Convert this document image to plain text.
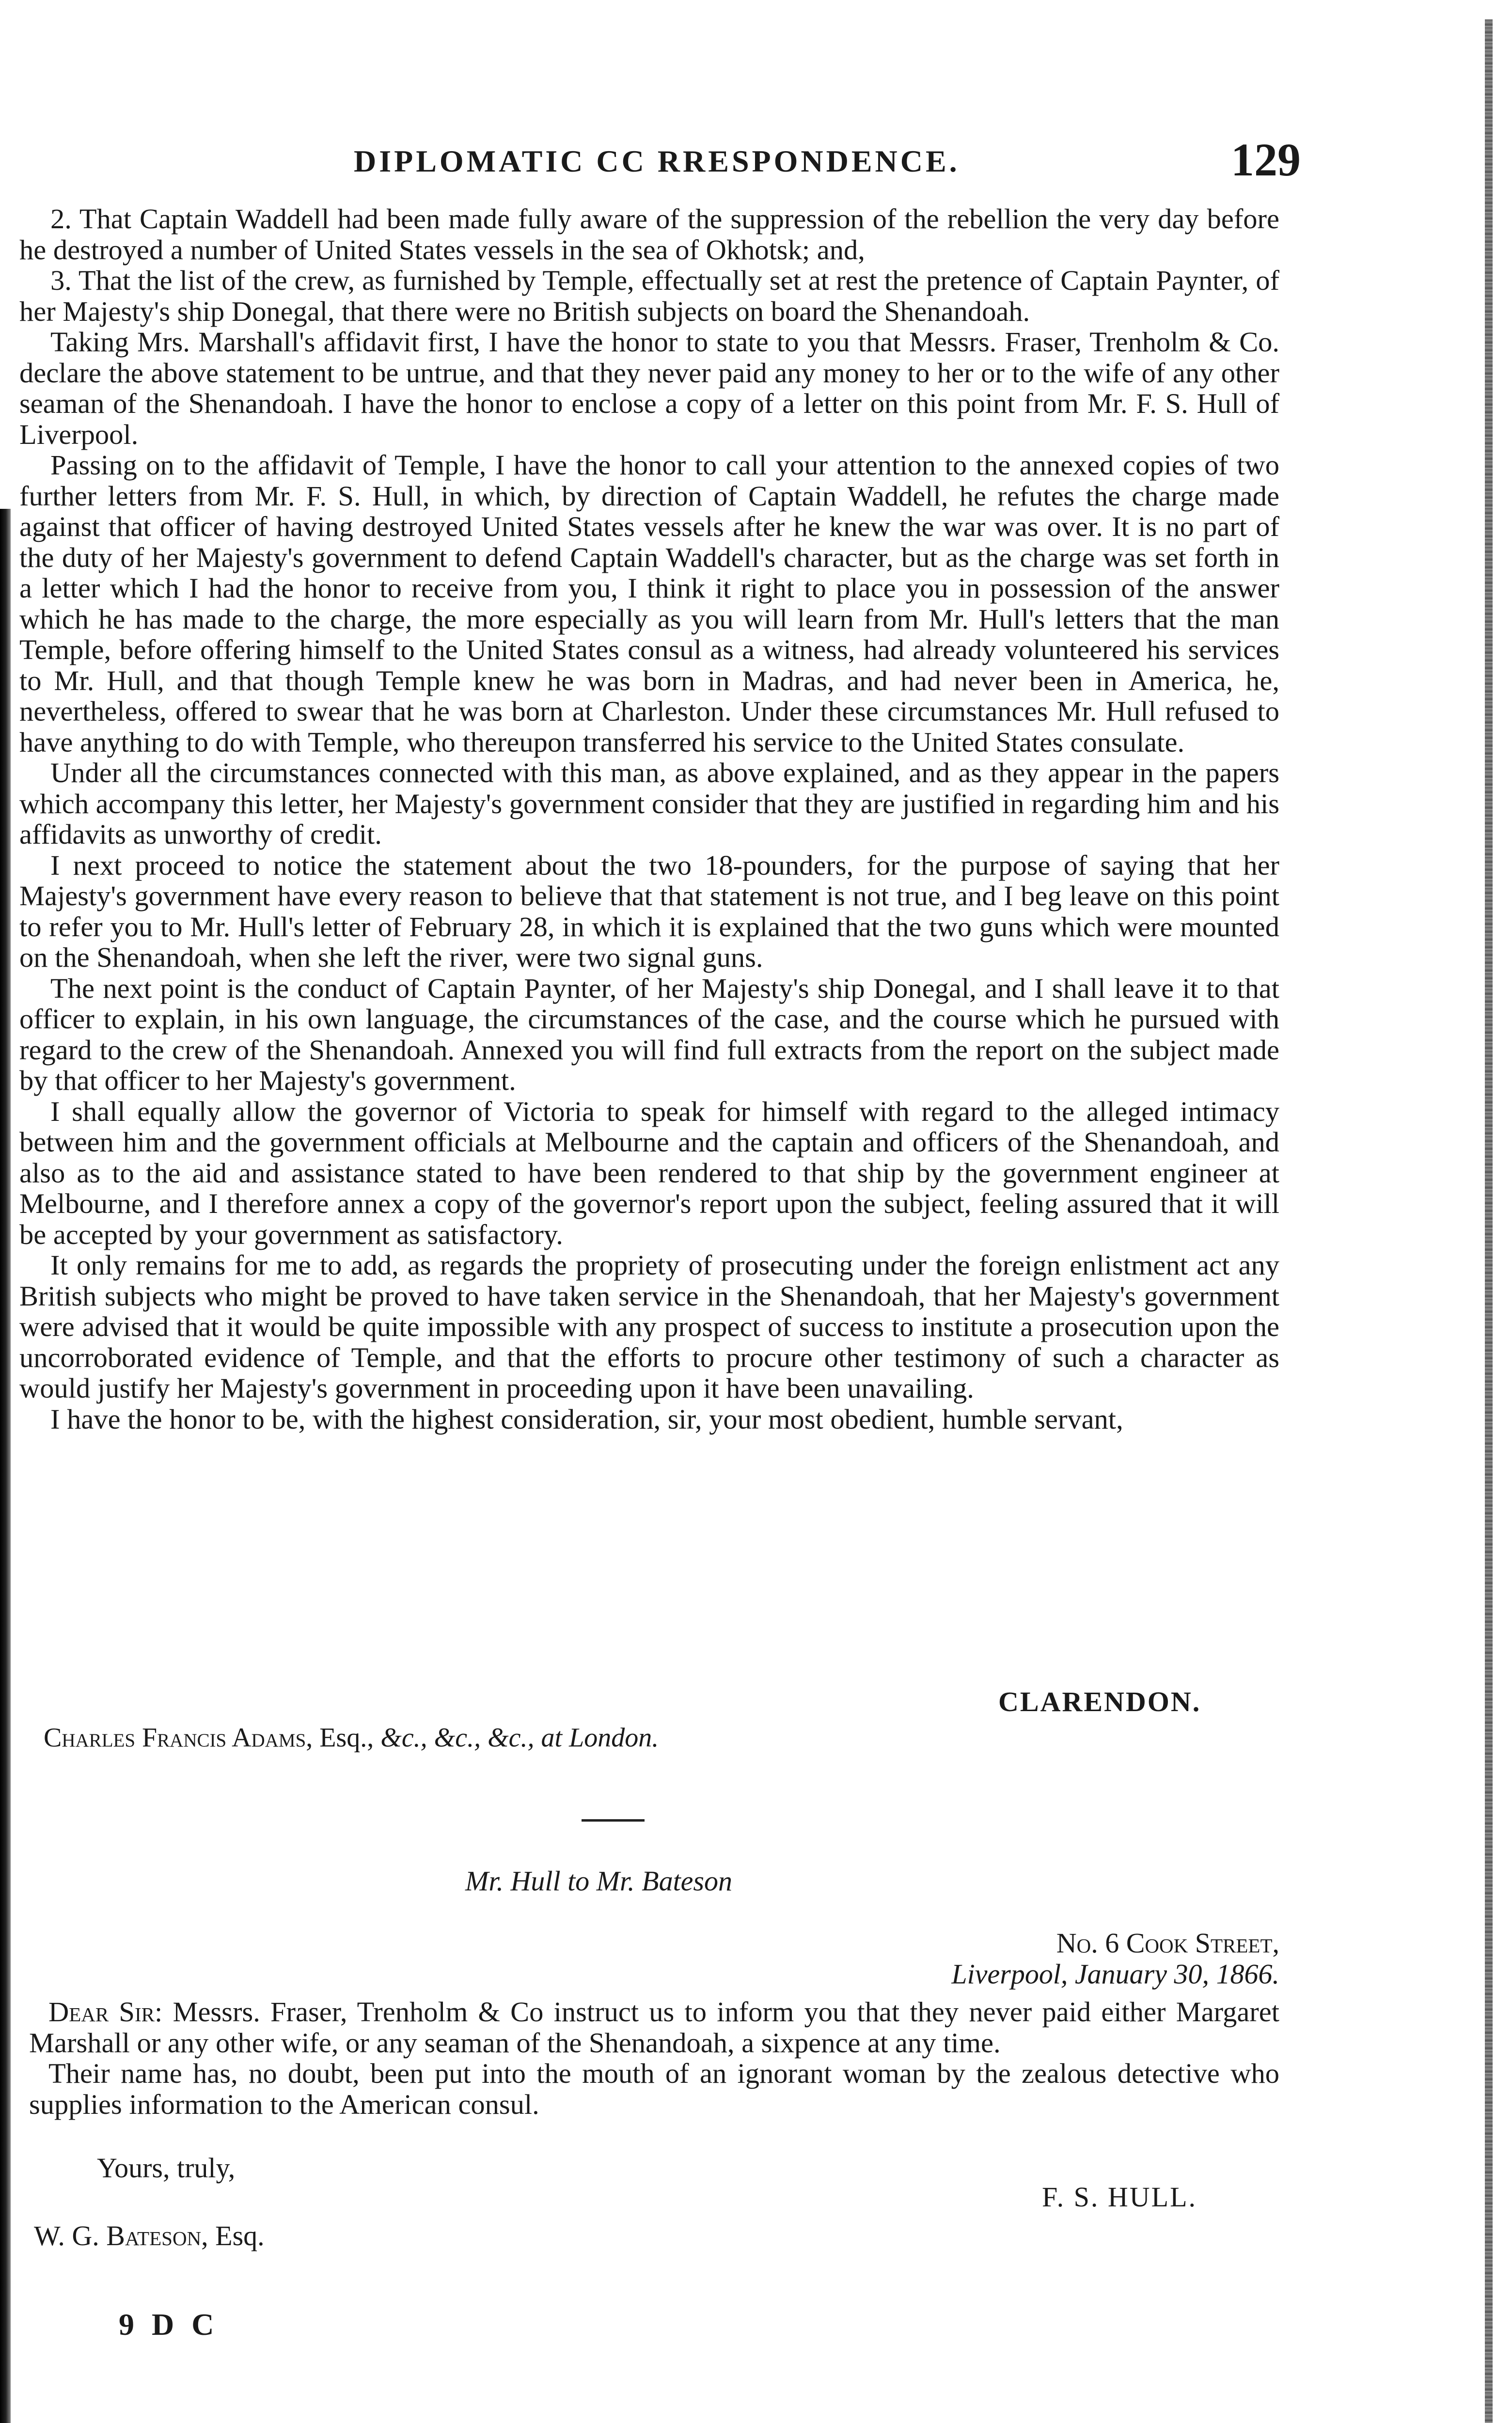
DIPLOMATIC CC RRESPONDENCE.	129

2. That Captain Waddell had been made fully aware of the suppression of the rebellion the very day before he destroyed a number of United States vessels in the sea of Okhotsk; and,

3. That the list of the crew, as furnished by Temple, effectually set at rest the pretence of Captain Paynter, of her Majesty's ship Donegal, that there were no British subjects on board the Shenandoah.

Taking Mrs. Marshall's affidavit first, I have the honor to state to you that Messrs. Fraser, Trenholm & Co. declare the above statement to be untrue, and that they never paid any money to her or to the wife of any other seaman of the Shenandoah. I have the honor to enclose a copy of a letter on this point from Mr. F. S. Hull of Liverpool.

Passing on to the affidavit of Temple, I have the honor to call your attention to the annexed copies of two further letters from Mr. F. S. Hull, in which, by direction of Captain Waddell, he refutes the charge made against that officer of having destroyed United States vessels after he knew the war was over. It is no part of the duty of her Majesty's government to defend Captain Waddell's character, but as the charge was set forth in a letter which I had the honor to receive from you, I think it right to place you in possession of the answer which he has made to the charge, the more especially as you will learn from Mr. Hull's letters that the man Temple, before offering himself to the United States consul as a witness, had already volunteered his services to Mr. Hull, and that though Temple knew he was born in Madras, and had never been in America, he, nevertheless, offered to swear that he was born at Charleston. Under these circumstances Mr. Hull refused to have anything to do with Temple, who thereupon transferred his service to the United States consulate.

Under all the circumstances connected with this man, as above explained, and as they appear in the papers which accompany this letter, her Majesty's government consider that they are justified in regarding him and his affidavits as unworthy of credit.

I next proceed to notice the statement about the two 18-pounders, for the purpose of saying that her Majesty's government have every reason to believe that that statement is not true, and I beg leave on this point to refer you to Mr. Hull's letter of February 28, in which it is explained that the two guns which were mounted on the Shenandoah, when she left the river, were two signal guns.

The next point is the conduct of Captain Paynter, of her Majesty's ship Donegal, and I shall leave it to that officer to explain, in his own language, the circumstances of the case, and the course which he pursued with regard to the crew of the Shenandoah. Annexed you will find full extracts from the report on the subject made by that officer to her Majesty's government.

I shall equally allow the governor of Victoria to speak for himself with regard to the alleged intimacy between him and the government officials at Melbourne and the captain and officers of the Shenandoah, and also as to the aid and assistance stated to have been rendered to that ship by the government engineer at Melbourne, and I therefore annex a copy of the governor's report upon the subject, feeling assured that it will be accepted by your government as satisfactory.

It only remains for me to add, as regards the propriety of prosecuting under the foreign enlistment act any British subjects who might be proved to have taken service in the Shenandoah, that her Majesty's government were advised that it would be quite impossible with any prospect of success to institute a prosecution upon the uncorroborated evidence of Temple, and that the efforts to procure other testimony of such a character as would justify her Majesty's government in proceeding upon it have been unavailing.

I have the honor to be, with the highest consideration, sir, your most obedient, humble servant,

CLARENDON.
Charles Francis Adams, Esq., &c., &c., &c., at London.
Mr. Hull to Mr. Bateson
No. 6 Cook Street,
Liverpool, January 30, 1866.

Dear Sir: Messrs. Fraser, Trenholm & Co instruct us to inform you that they never paid either Margaret Marshall or any other wife, or any seaman of the Shenandoah, a sixpence at any time.

Their name has, no doubt, been put into the mouth of an ignorant woman by the zealous detective who supplies information to the American consul.

Yours, truly,
F. S. HULL.
W. G. Bateson, Esq.
9 D C
